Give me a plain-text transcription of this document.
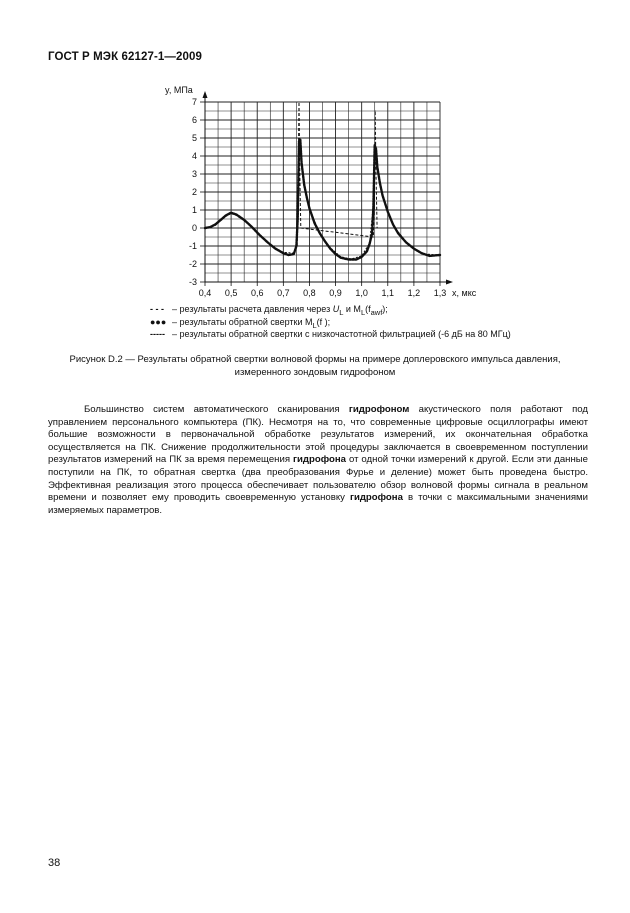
ГОСТ Р МЭК 62127-1—2009
-3
-2
-1
0
1
2
3
4
5
6
7
0,4 0,5 0,6 0,7 0,8 0,9 1,0 1,1 1,2 1,3
y, МПа
x, мкс
- - - – результаты расчета давления через $U_L$ и $M_L(f_{awf})$;
●●● – результаты обратной свертки $M_L(f$ );
----- – результаты обратной свертки с низкочастотной фильтрацией (-6 дБ на 80 МГц)
Рисунок D.2 — Результаты обратной свертки волновой формы на примере доплеровского импульса давления,
измеренного зондовым гидрофоном

Большинство систем автоматического сканирования гидрофоном акустического поля работают под управлением персонального компьютера (ПК). Несмотря на то, что современные цифровые осциллографы имеют большие возможности в первоначальной обработке результатов измерений, их окончательная обработка осуществляется на ПК. Снижение продолжительности этой процедуры заключается в своевременном поступлении результатов измерений на ПК за время перемещения гидрофона от одной точки измерений к другой. Если эти данные поступили на ПК, то обратная свертка (два преобразования Фурье и деление) может быть проведена быстро. Эффективная реализация этого процесса обеспечивает пользователю обзор волновой формы сигнала в реальном времени и позволяет ему проводить своевременную установку гидрофона в точки с максимальными значениями измеряемых параметров.

38
